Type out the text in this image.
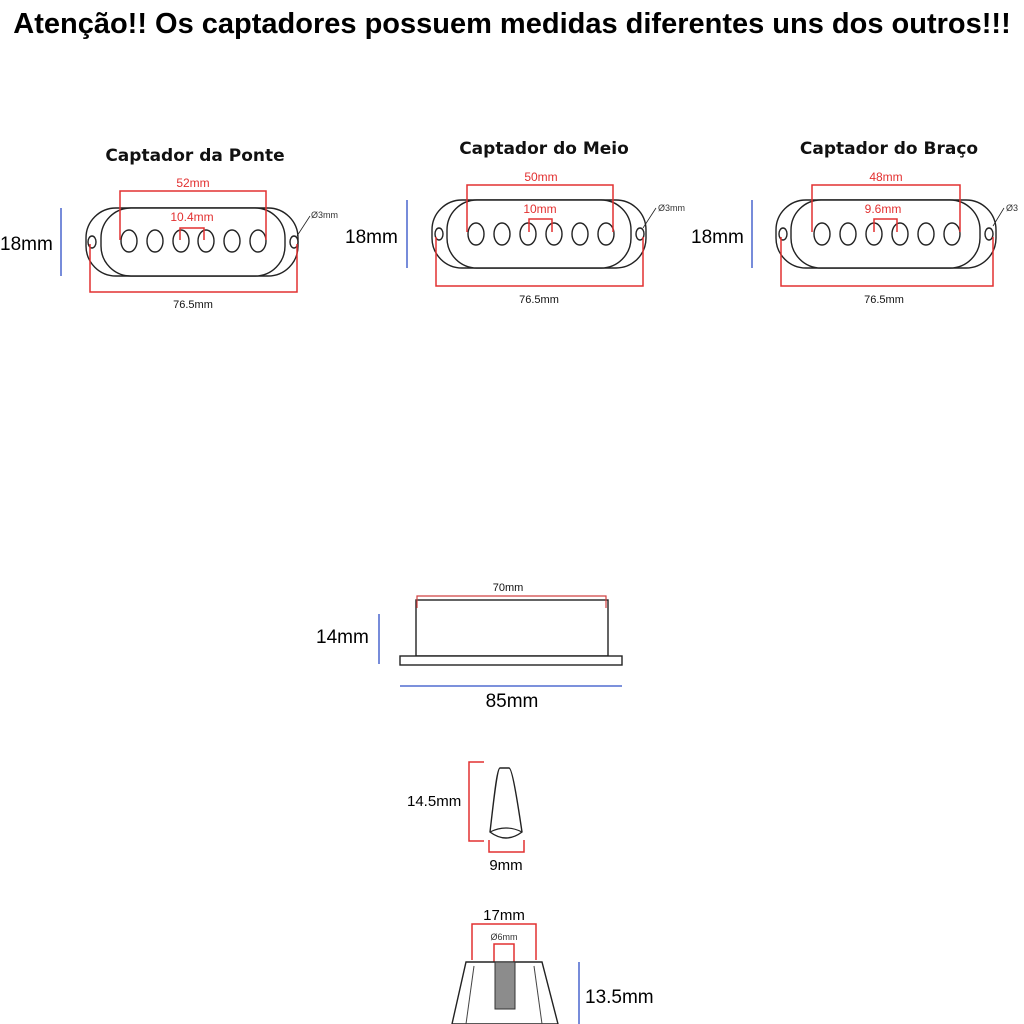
Atenção!! Os captadores possuem medidas diferentes uns dos outros!!!
Captador da Ponte
52mm
10.4mm
76.5mm
18mm
Ø3mm
Captador do Meio
50mm
10mm
76.5mm
18mm
Ø3mm
Captador do Braço
48mm
9.6mm
76.5mm
18mm
Ø3
70mm
14mm
85mm
14.5mm
9mm
17mm
Ø6mm
13.5mm
